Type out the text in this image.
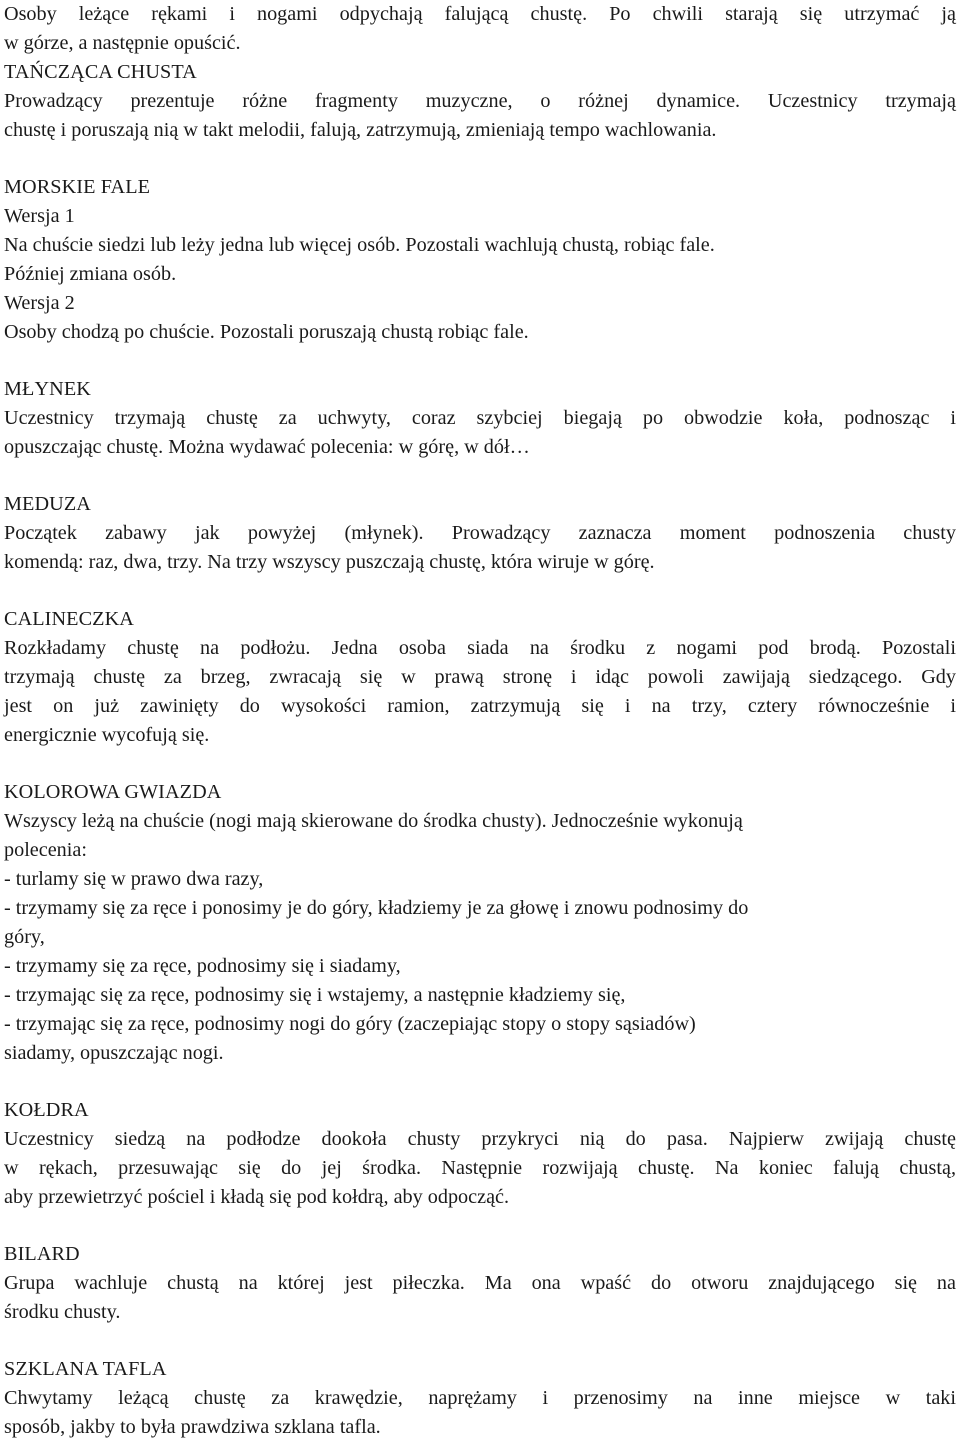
Osoby leżące rękami i nogami odpychają falującą chustę. Po chwili starają się utrzymać ją
w górze, a następnie opuścić.
TAŃCZĄCA CHUSTA
Prowadzący prezentuje różne fragmenty muzyczne, o różnej dynamice. Uczestnicy trzymają
chustę i poruszają nią w takt melodii, falują, zatrzymują, zmieniają tempo wachlowania.
MORSKIE FALE
Wersja 1
Na chuście siedzi lub leży jedna lub więcej osób. Pozostali wachlują chustą, robiąc fale.
Później zmiana osób.
Wersja 2
Osoby chodzą po chuście. Pozostali poruszają chustą robiąc fale.
MŁYNEK
Uczestnicy trzymają chustę za uchwyty, coraz szybciej biegają po obwodzie koła, podnosząc i
opuszczając chustę. Można wydawać polecenia: w górę, w dół…
MEDUZA
Początek zabawy jak powyżej (młynek). Prowadzący zaznacza moment podnoszenia chusty
komendą: raz, dwa, trzy. Na trzy wszyscy puszczają chustę, która wiruje w górę.
CALINECZKA
Rozkładamy chustę na podłożu. Jedna osoba siada na środku z nogami pod brodą. Pozostali
trzymają chustę za brzeg, zwracają się w prawą stronę i idąc powoli zawijają siedzącego. Gdy
jest on już zawinięty do wysokości ramion, zatrzymują się i na trzy, cztery równocześnie i
energicznie wycofują się.
KOLOROWA GWIAZDA
Wszyscy leżą na chuście (nogi mają skierowane do środka chusty). Jednocześnie wykonują
polecenia:
- turlamy się w prawo dwa razy,
- trzymamy się za ręce i ponosimy je do góry, kładziemy je za głowę i znowu podnosimy do
góry,
- trzymamy się za ręce, podnosimy się i siadamy,
- trzymając się za ręce, podnosimy się i wstajemy, a następnie kładziemy się,
- trzymając się za ręce, podnosimy nogi do góry (zaczepiając stopy o stopy sąsiadów)
siadamy, opuszczając nogi.
KOŁDRA
Uczestnicy siedzą na podłodze dookoła chusty przykryci nią do pasa. Najpierw zwijają chustę
w rękach, przesuwając się do jej środka. Następnie rozwijają chustę. Na koniec falują chustą,
aby przewietrzyć pościel i kładą się pod kołdrą, aby odpocząć.
BILARD
Grupa wachluje chustą na której jest piłeczka. Ma ona wpaść do otworu znajdującego się na
środku chusty.
SZKLANA TAFLA
Chwytamy leżącą chustę za krawędzie, naprężamy i przenosimy na inne miejsce w taki
sposób, jakby to była prawdziwa szklana tafla.
